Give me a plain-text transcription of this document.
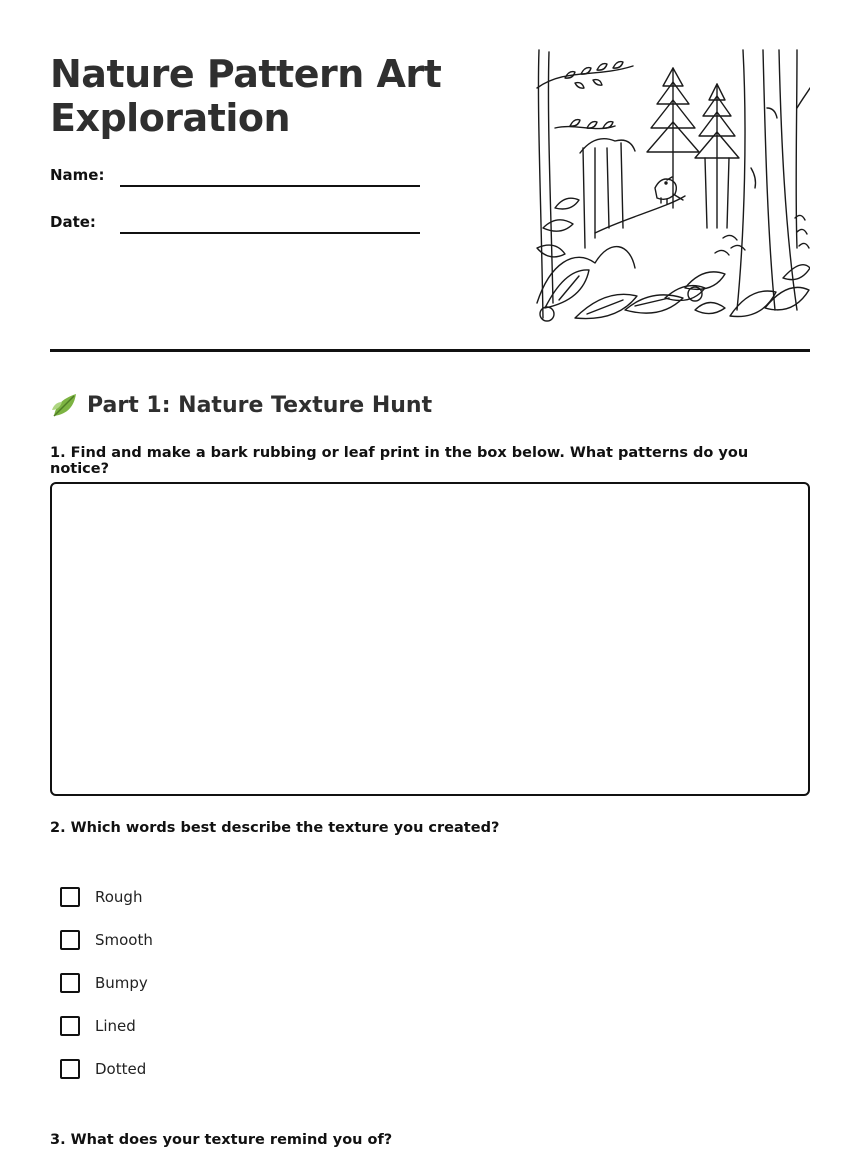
Nature Pattern Art
Exploration
Name:
Date:
Part 1: Nature Texture Hunt
1. Find and make a bark rubbing or leaf print in the box below. What patterns do you notice?
2. Which words best describe the texture you created?
Rough
Smooth
Bumpy
Lined
Dotted
3. What does your texture remind you of?
